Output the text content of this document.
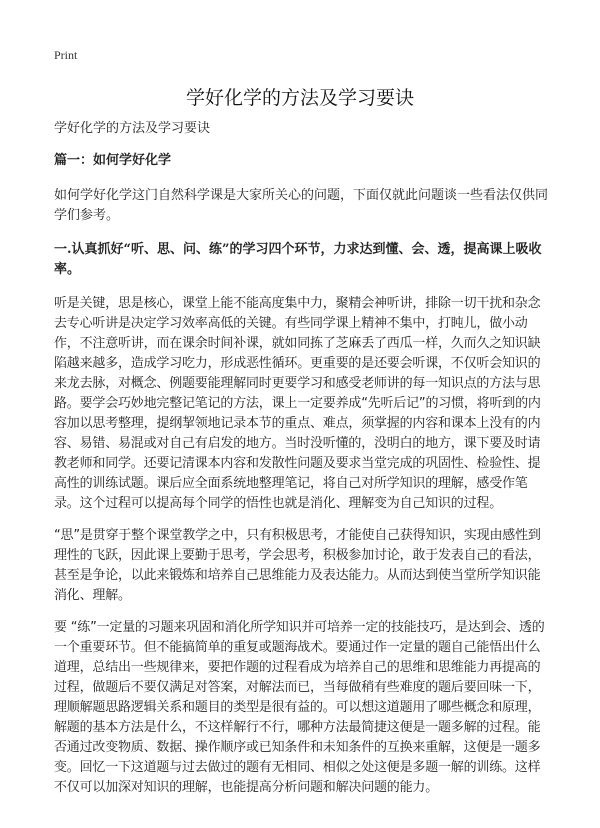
Print
学好化学的方法及学习要诀

学好化学的方法及学习要诀

篇一：如何学好化学

如何学好化学这门自然科学课是大家所关心的问题，下面仅就此问题谈一些看法仅供同学们参考。

一.认真抓好“听、思、问、练”的学习四个环节，力求达到懂、会、透，提高课上吸收率。

听是关键，思是核心，课堂上能不能高度集中力，聚精会神听讲，排除一切干扰和杂念去专心听讲是决定学习效率高低的关键。有些同学课上精神不集中，打盹儿，做小动作，不注意听讲，而在课余时间补课，就如同拣了芝麻丢了西瓜一样，久而久之知识缺陷越来越多，造成学习吃力，形成恶性循环。更重要的是还要会听课，不仅听会知识的来龙去脉，对概念、例题要能理解同时更要学习和感受老师讲的每一知识点的方法与思路。要学会巧妙地完整记笔记的方法，课上一定要养成“先听后记”的习惯，将听到的内容加以思考整理，提纲挈领地记录本节的重点、难点，须掌握的内容和课本上没有的内容、易错、易混或对自己有启发的地方。当时没听懂的，没明白的地方，课下要及时请教老师和同学。还要记清课本内容和发散性问题及要求当堂完成的巩固性、检验性、提高性的训练试题。课后应全面系统地整理笔记，将自己对所学知识的理解，感受作笔录。这个过程可以提高每个同学的悟性也就是消化、理解变为自己知识的过程。

“思”是贯穿于整个课堂教学之中，只有积极思考，才能使自己获得知识，实现由感性到理性的飞跃，因此课上要勤于思考，学会思考，积极参加讨论，敢于发表自己的看法，甚至是争论，以此来锻炼和培养自己思维能力及表达能力。从而达到使当堂所学知识能消化、理解。

要 “练”一定量的习题来巩固和消化所学知识并可培养一定的技能技巧，是达到会、透的一个重要环节。但不能搞简单的重复或题海战术。要通过作一定量的题自己能悟出什么道理，总结出一些规律来，要把作题的过程看成为培养自己的思维和思维能力再提高的过程，做题后不要仅满足对答案，对解法而已，当每做稍有些难度的题后要回味一下，理顺解题思路逻辑关系和题目的类型是很有益的。可以想这道题用了哪些概念和原理，解题的基本方法是什么，不这样解行不行，哪种方法最简捷这便是一题多解的过程。能否通过改变物质、数据、操作顺序或已知条件和未知条件的互换来重解，这便是一题多变。回忆一下这道题与过去做过的题有无相同、相似之处这便是多题一解的训练。这样不仅可以加深对知识的理解，也能提高分析问题和解决问题的能力。
